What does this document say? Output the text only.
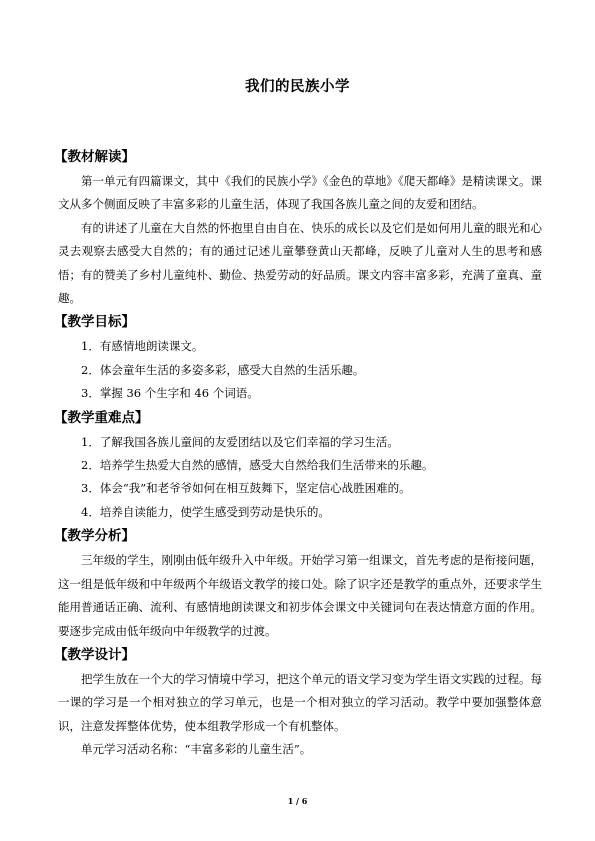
我们的民族小学
【教材解读】

第一单元有四篇课文，其中《我们的民族小学》《金色的草地》《爬天都峰》是精读课文。课文从多个侧面反映了丰富多彩的儿童生活，体现了我国各族儿童之间的友爱和团结。

有的讲述了儿童在大自然的怀抱里自由自在、快乐的成长以及它们是如何用儿童的眼光和心灵去观察去感受大自然的；有的通过记述儿童攀登黄山天都峰，反映了儿童对人生的思考和感悟；有的赞美了乡村儿童纯朴、勤俭、热爱劳动的好品质。课文内容丰富多彩，充满了童真、童趣。

【教学目标】
1．有感情地朗读课文。
2．体会童年生活的多姿多彩，感受大自然的生活乐趣。
3．掌握 36 个生字和 46 个词语。
【教学重难点】
1．了解我国各族儿童间的友爱团结以及它们幸福的学习生活。
2．培养学生热爱大自然的感情，感受大自然给我们生活带来的乐趣。
3．体会“我”和老爷爷如何在相互鼓舞下，坚定信心战胜困难的。
4．培养自读能力，使学生感受到劳动是快乐的。
【教学分析】

三年级的学生，刚刚由低年级升入中年级。开始学习第一组课文，首先考虑的是衔接问题，这一组是低年级和中年级两个年级语文教学的接口处。除了识字还是教学的重点外，还要求学生能用普通话正确、流利、有感情地朗读课文和初步体会课文中关键词句在表达情意方面的作用。要逐步完成由低年级向中年级教学的过渡。

【教学设计】

把学生放在一个大的学习情境中学习，把这个单元的语文学习变为学生语文实践的过程。每一课的学习是一个相对独立的学习单元，也是一个相对独立的学习活动。教学中要加强整体意识，注意发挥整体优势，使本组教学形成一个有机整体。

单元学习活动名称：“丰富多彩的儿童生活”。

1 / 6
